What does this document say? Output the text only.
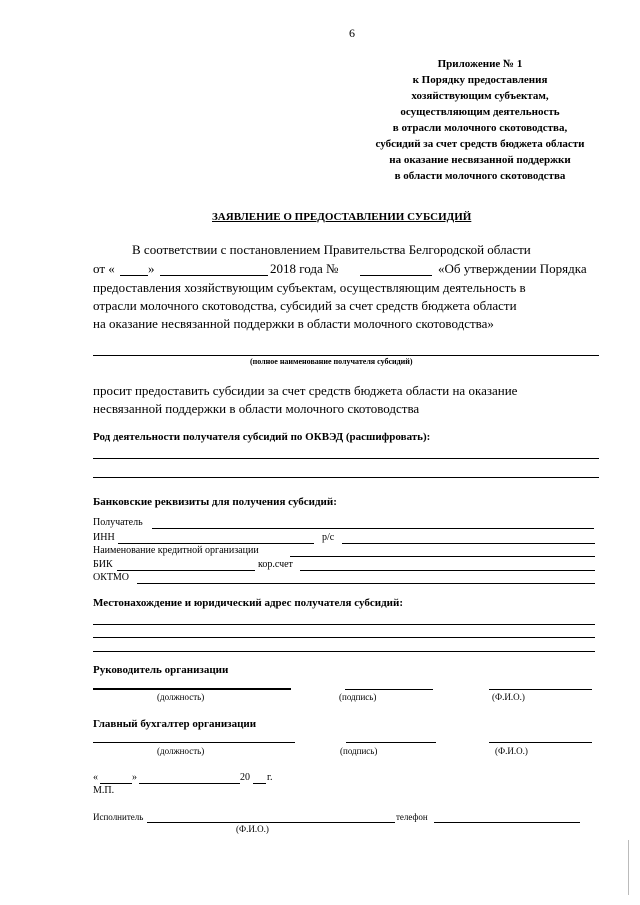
6
Приложение № 1
к Порядку предоставления
хозяйствующим субъектам,
осуществляющим деятельность
в отрасли молочного скотоводства,
субсидий за счет средств бюджета области
на оказание несвязанной поддержки
в области молочного скотоводства
ЗАЯВЛЕНИЕ О ПРЕДОСТАВЛЕНИИ СУБСИДИЙ
В соответствии с постановлением Правительства Белгородской области
от «	»	2018 года №	«Об утверждении Порядка
предоставления хозяйствующим субъектам, осуществляющим деятельность в
отрасли молочного скотоводства, субсидий за счет средств бюджета области
на оказание несвязанной поддержки в области молочного скотоводства»
(полное наименование получателя субсидий)
просит предоставить субсидии за счет средств бюджета области на оказание
несвязанной поддержки в области молочного скотоводства
Род деятельности получателя субсидий по ОКВЭД (расшифровать):
Банковские реквизиты для получения субсидий:
Получатель
ИНН	р/с
Наименование кредитной организации
БИК	кор.счет
ОКТМО
Местонахождение и юридический адрес получателя субсидий:
Руководитель организации
(должность)	(подпись)	(Ф.И.О.)
Главный бухгалтер организации
(должность)	(подпись)	(Ф.И.О.)
«	»	20 г.
М.П.
Исполнитель	телефон
(Ф.И.О.)
